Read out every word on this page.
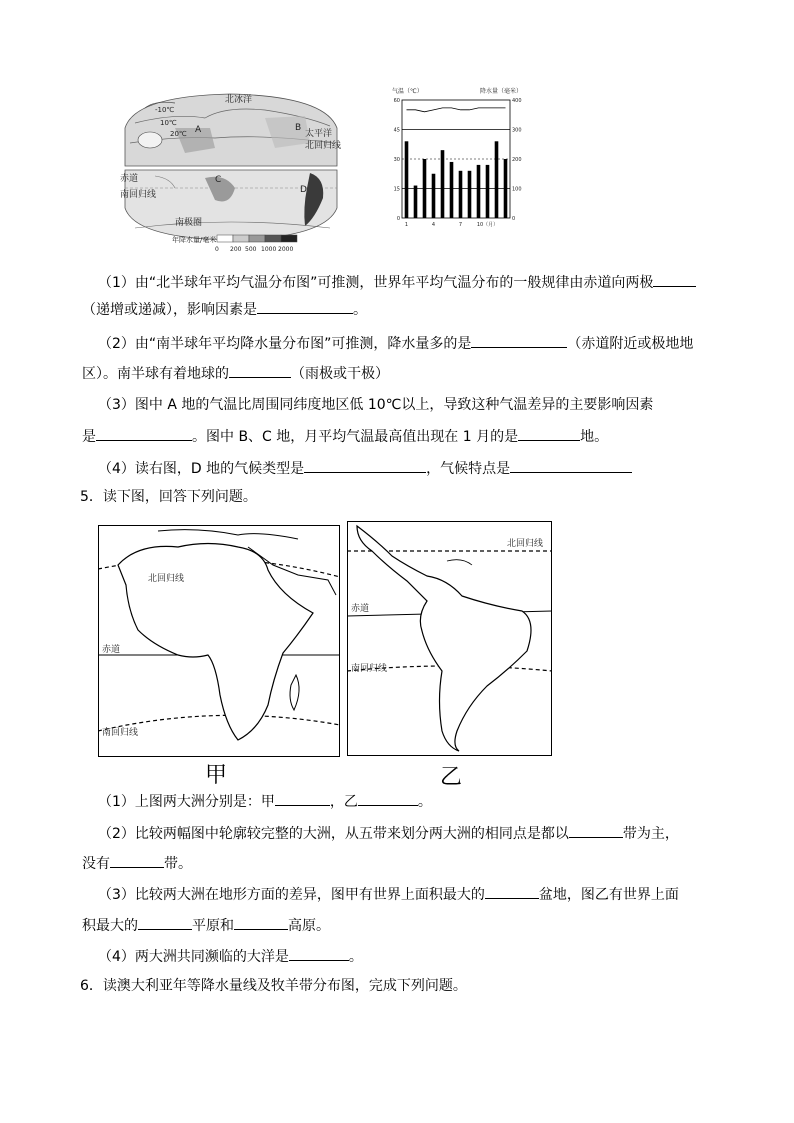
北冰洋
太平洋
赤道
南回归线
北回归线
南极圈
A	B
C
D
-10℃
10℃
20℃
年降水量/毫米
0 200 500 1000 2000
气温（℃）	降水量（毫米）
60
45
30
15
0
400
300
200
100
0
1	4	7	10（月）
（1）由“北半球年平均气温分布图”可推测，世界年平均气温分布的一般规律由赤道向两极
（递增或递减），影响因素是	。
（2）由“南半球年平均降水量分布图”可推测，降水量多的是	（赤道附近或极地地
区）。南半球有着地球的	（雨极或干极）
（3）图中 A 地的气温比周围同纬度地区低 10℃以上，导致这种气温差异的主要影响因素
是	。图中 B、C 地，月平均气温最高值出现在 1 月的是	地。
（4）读右图，D 地的气候类型是	，气候特点是
5．读下图，回答下列问题。
北回归线
赤道
南回归线
甲
北回归线
赤道
南回归线
乙
（1）上图两大洲分别是：甲	，乙	。
（2）比较两幅图中轮廓较完整的大洲，从五带来划分两大洲的相同点是都以	带为主，
没有	带。
（3）比较两大洲在地形方面的差异，图甲有世界上面积最大的	盆地，图乙有世界上面
积最大的	平原和	高原。
（4）两大洲共同濒临的大洋是	。
6．读澳大利亚年等降水量线及牧羊带分布图，完成下列问题。
